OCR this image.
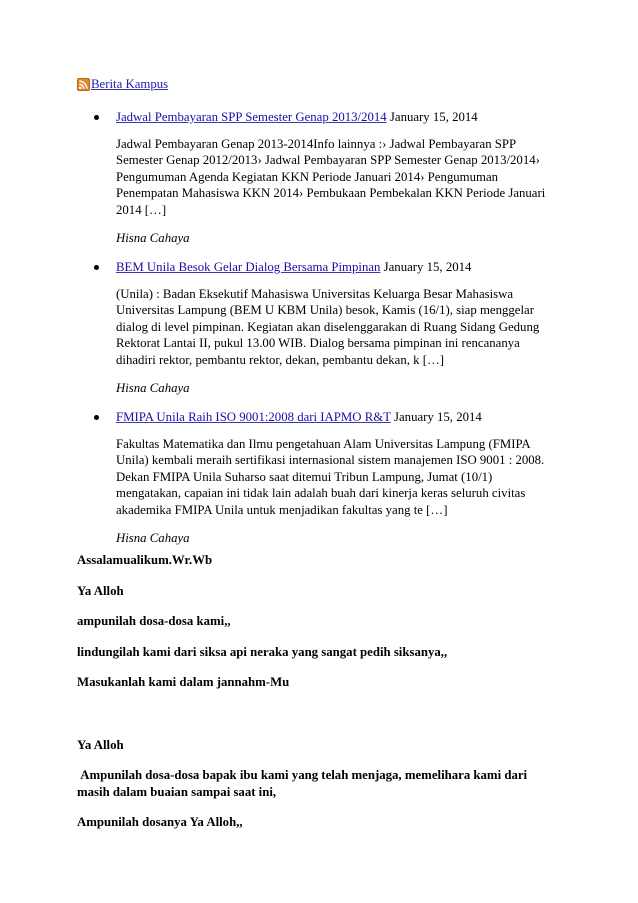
Berita Kampus
Jadwal Pembayaran SPP Semester Genap 2013/2014 January 15, 2014
Jadwal Pembayaran Genap 2013-2014Info lainnya :› Jadwal Pembayaran SPP Semester Genap 2012/2013› Jadwal Pembayaran SPP Semester Genap 2013/2014› Pengumuman Agenda Kegiatan KKN Periode Januari 2014› Pengumuman Penempatan Mahasiswa KKN 2014› Pembukaan Pembekalan KKN Periode Januari 2014 […]
Hisna Cahaya
BEM Unila Besok Gelar Dialog Bersama Pimpinan January 15, 2014
(Unila) : Badan Eksekutif Mahasiswa Universitas Keluarga Besar Mahasiswa Universitas Lampung (BEM U KBM Unila) besok, Kamis (16/1), siap menggelar dialog di level pimpinan. Kegiatan akan diselenggarakan di Ruang Sidang Gedung Rektorat Lantai II, pukul 13.00 WIB. Dialog bersama pimpinan ini rencananya dihadiri rektor, pembantu rektor, dekan, pembantu dekan, k […]
Hisna Cahaya
FMIPA Unila Raih ISO 9001:2008 dari IAPMO R&T January 15, 2014
Fakultas Matematika dan Ilmu pengetahuan Alam Universitas Lampung (FMIPA Unila) kembali meraih sertifikasi internasional sistem manajemen ISO 9001 : 2008. Dekan FMIPA Unila Suharso saat ditemui Tribun Lampung, Jumat (10/1) mengatakan, capaian ini tidak lain adalah buah dari kinerja keras seluruh civitas akademika FMIPA Unila untuk menjadikan fakultas yang te […]
Hisna Cahaya

Assalamualikum.Wr.Wb

Ya Alloh

ampunilah dosa-dosa kami,,

lindungilah kami dari siksa api neraka yang sangat pedih siksanya,,

Masukanlah kami dalam jannahm-Mu

Ya Alloh

Ampunilah dosa-dosa bapak ibu kami yang telah menjaga, memelihara kami dari masih dalam buaian sampai saat ini,

Ampunilah dosanya Ya Alloh,,
